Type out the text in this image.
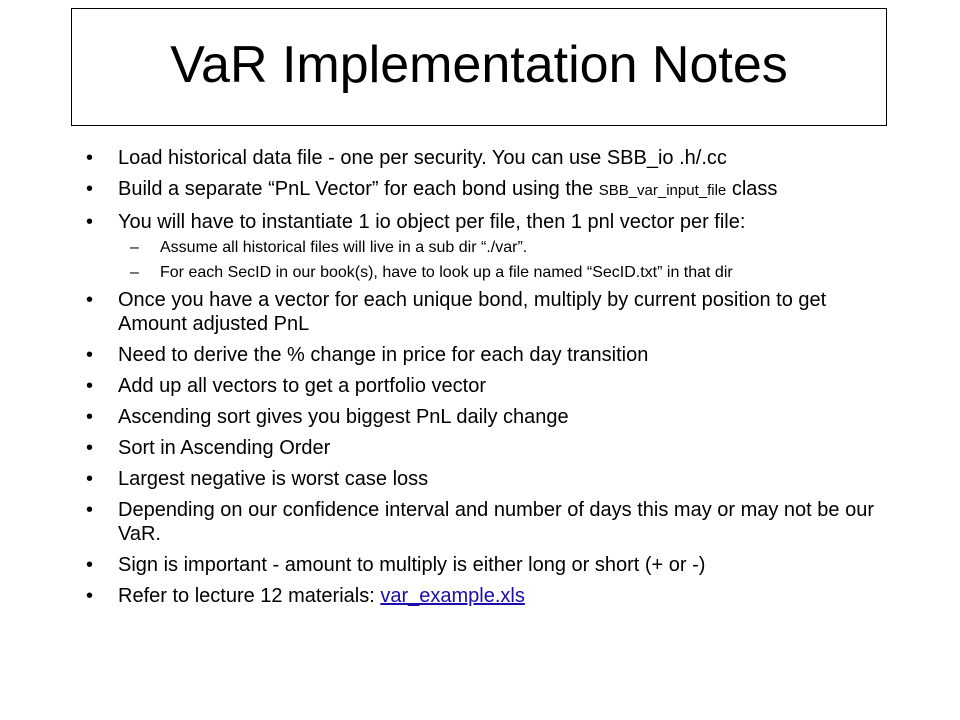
VaR Implementation Notes
• Load historical data file - one per security. You can use SBB_io .h/.cc
• Build a separate “PnL Vector” for each bond using the SBB_var_input_file class
• You will have to instantiate 1 io object per file, then 1 pnl vector per file:
– Assume all historical files will live in a sub dir “./var”.
– For each SecID in our book(s), have to look up a file named “SecID.txt” in that dir
• Once you have a vector for each unique bond, multiply by current position to get Amount adjusted PnL
• Need to derive the % change in price for each day transition
• Add up all vectors to get a portfolio vector
• Ascending sort gives you biggest PnL daily change
• Sort in Ascending Order
• Largest negative is worst case loss
• Depending on our confidence interval and number of days this may or may not be our VaR.
• Sign is important - amount to multiply is either long or short (+ or -)
• Refer to lecture 12 materials: var_example.xls
